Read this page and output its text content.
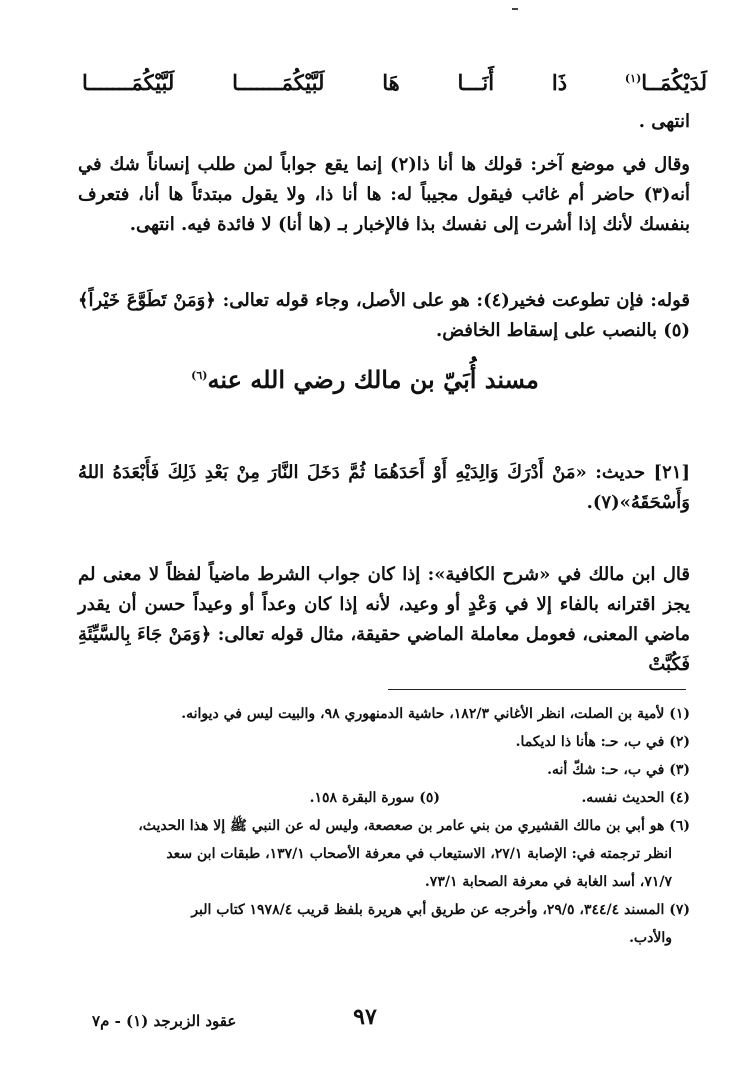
لَدَيْكُمَــا$^{(١)}$
ذَا
أَنَـــا
هَا
لَبَّيْكُمَـــــــا
لَبَّيْكُمَـــــــا
انتهى .
وقال في موضع آخر: قولك ها أنا ذا(٢) إنما يقع جواباً لمن طلب إنساناً شك في أنه(٣) حاضر أم غائب فيقول مجيباً له: ها أنا ذا، ولا يقول مبتدئاً ها أنا، فتعرف بنفسك لأنك إذا أشرت إلى نفسك بذا فالإخبار بـ (ها أنا) لا فائدة فيه. انتهى.
قوله: فإن تطوعت فخير(٤): هو على الأصل، وجاء قوله تعالى: ﴿وَمَنْ تَطَوَّعَ خَيْراً﴾(٥) بالنصب على إسقاط الخافض.
مسند أُبَيّ بن مالك رضي الله عنه$^{(٦)}$
[٢١] حديث: «مَنْ أَدْرَكَ وَالِدَيْهِ أَوْ أَحَدَهُمَا ثُمَّ دَخَلَ النَّارَ مِنْ بَعْدِ ذَلِكَ فَأَبْعَدَهُ اللهُ وَأَسْحَقَهُ»(٧).
قال ابن مالك في «شرح الكافية»: إذا كان جواب الشرط ماضياً لفظاً لا معنى لم يجز اقترانه بالفاء إلا في وَعْدٍ أو وعيد، لأنه إذا كان وعداً أو وعيداً حسن أن يقدر ماضي المعنى، فعومل معاملة الماضي حقيقة، مثال قوله تعالى: ﴿وَمَنْ جَاءَ بِالسَّيِّئَةِ فَكُبَّتْ
(١) لأمية بن الصلت، انظر الأغاني ١٨٢/٣، حاشية الدمنهوري ٩٨، والبيت ليس في ديوانه.
(٢) في ب، حـ: هأنا ذا لديكما.
(٣) في ب، حـ: شكّ أنه.
(٤) الحديث نفسه.
(٥) سورة البقرة ١٥٨.
(٦) هو أبي بن مالك القشيري من بني عامر بن صعصعة، وليس له عن النبي ﷺ إلا هذا الحديث،
انظر ترجمته في: الإصابة ٢٧/١، الاستيعاب في معرفة الأصحاب ١٣٧/١، طبقات ابن سعد
٧١/٧، أسد الغابة في معرفة الصحابة ٧٣/١.
(٧) المسند ٣٤٤/٤، ٢٩/٥، وأخرجه عن طريق أبي هريرة بلفظ قريب ١٩٧٨/٤ كتاب البر
والأدب.
٩٧
عقود الزبرجد (١) - م٧
